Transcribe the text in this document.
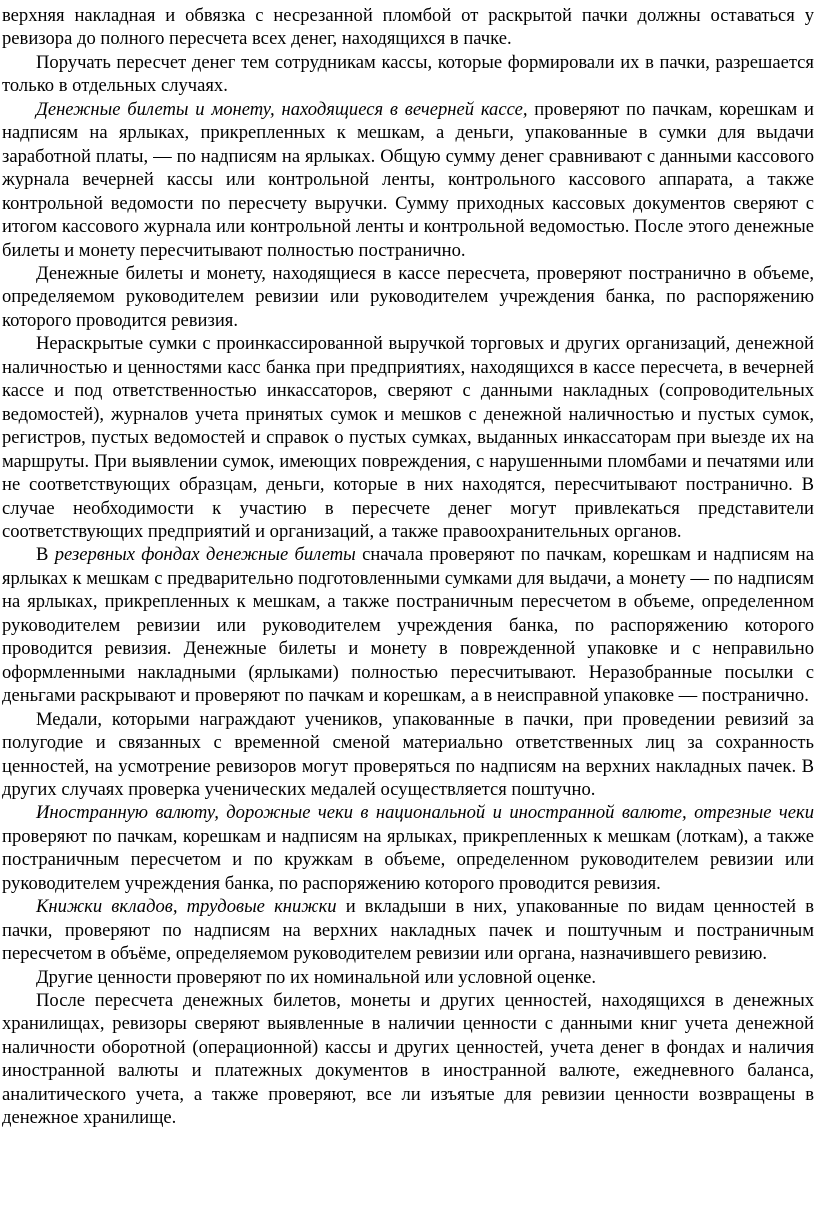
верхняя накладная и обвязка с несрезанной пломбой от раскрытой пачки должны оставаться у ревизора до полного пересчета всех денег, находящихся в пачке.

Поручать пересчет денег тем сотрудникам кассы, которые формировали их в пачки, разрешается только в отдельных случаях.

Денежные билеты и монету, находящиеся в вечерней кассе, проверяют по пачкам, корешкам и надписям на ярлыках, прикрепленных к мешкам, а деньги, упакованные в сумки для выдачи заработной платы, — по надписям на ярлыках. Общую сумму денег сравнивают с данными кассового журнала вечерней кассы или контрольной ленты, контрольного кассового аппарата, а также контрольной ведомости по пересчету выручки. Сумму приходных кассовых документов сверяют с итогом кассового журнала или контрольной ленты и контрольной ведомостью. После этого денежные билеты и монету пересчитывают полностью постранично.

Денежные билеты и монету, находящиеся в кассе пересчета, проверяют постранично в объеме, определяемом руководителем ревизии или руководителем учреждения банка, по распоряжению которого проводится ревизия.

Нераскрытые сумки с проинкассированной выручкой торговых и других организаций, денежной наличностью и ценностями касс банка при предприятиях, находящихся в кассе пересчета, в вечерней кассе и под ответственностью инкассаторов, сверяют с данными накладных (сопроводительных ведомостей), журналов учета принятых сумок и мешков с денежной наличностью и пустых сумок, регистров, пустых ведомостей и справок о пустых сумках, выданных инкассаторам при выезде их на маршруты. При выявлении сумок, имеющих повреждения, с нарушенными пломбами и печатями или не соответствующих образцам, деньги, которые в них находятся, пересчитывают постранично. В случае необходимости к участию в пересчете денег могут привлекаться представители соответствующих предприятий и организаций, а также правоохранительных органов.

В резервных фондах денежные билеты сначала проверяют по пачкам, корешкам и надписям на ярлыках к мешкам с предварительно подготовленными сумками для выдачи, а монету — по надписям на ярлыках, прикрепленных к мешкам, а также постраничным пересчетом в объеме, определенном руководителем ревизии или руководителем учреждения банка, по распоряжению которого проводится ревизия. Денежные билеты и монету в поврежденной упаковке и с неправильно оформленными накладными (ярлыками) полностью пересчитывают. Неразобранные посылки с деньгами раскрывают и проверяют по пачкам и корешкам, а в неисправной упаковке — постранично.

Медали, которыми награждают учеников, упакованные в пачки, при проведении ревизий за полугодие и связанных с временной сменой материально ответственных лиц за сохранность ценностей, на усмотрение ревизоров могут проверяться по надписям на верхних накладных пачек. В других случаях проверка ученических медалей осуществляется поштучно.

Иностранную валюту, дорожные чеки в национальной и иностранной валюте, отрезные чеки проверяют по пачкам, корешкам и надписям на ярлыках, прикрепленных к мешкам (лоткам), а также постраничным пересчетом и по кружкам в объеме, определенном руководителем ревизии или руководителем учреждения банка, по распоряжению которого проводится ревизия.

Книжки вкладов, трудовые книжки и вкладыши в них, упакованные по видам ценностей в пачки, проверяют по надписям на верхних накладных пачек и поштучным и постраничным пересчетом в объёме, определяемом руководителем ревизии или органа, назначившего ревизию.

Другие ценности проверяют по их номинальной или условной оценке.

После пересчета денежных билетов, монеты и других ценностей, находящихся в денежных хранилищах, ревизоры сверяют выявленные в наличии ценности с данными книг учета денежной наличности оборотной (операционной) кассы и других ценностей, учета денег в фондах и наличия иностранной валюты и платежных документов в иностранной валюте, ежедневного баланса, аналитического учета, а также проверяют, все ли изъятые для ревизии ценности возвращены в денежное хранилище.
